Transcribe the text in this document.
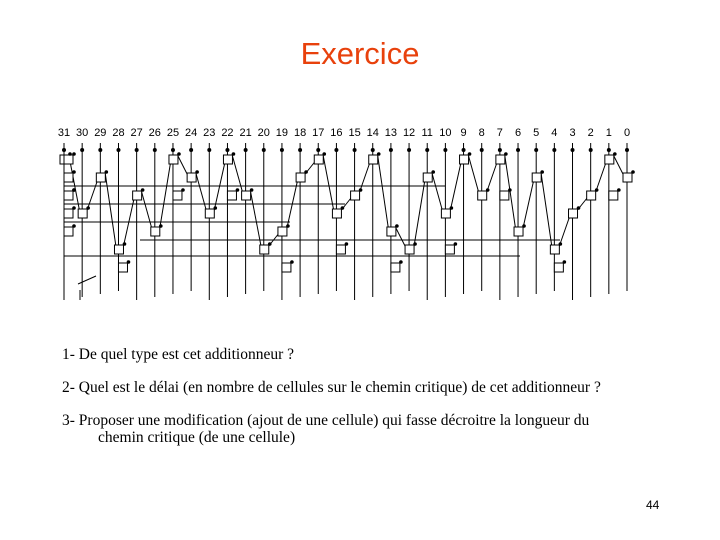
Exercice
31 30 29 28 27 26 25 24 23 22 21 20 19 18 17 16 15 14 13 12 11 10 9 8 7 6 5 4 3 2 1 0
1- De quel type est cet additionneur ?
2- Quel est le délai (en nombre de cellules sur le chemin critique) de cet additionneur ?
3- Proposer une modification (ajout de une cellule) qui fasse décroitre la longueur du
chemin critique (de une cellule)
44
